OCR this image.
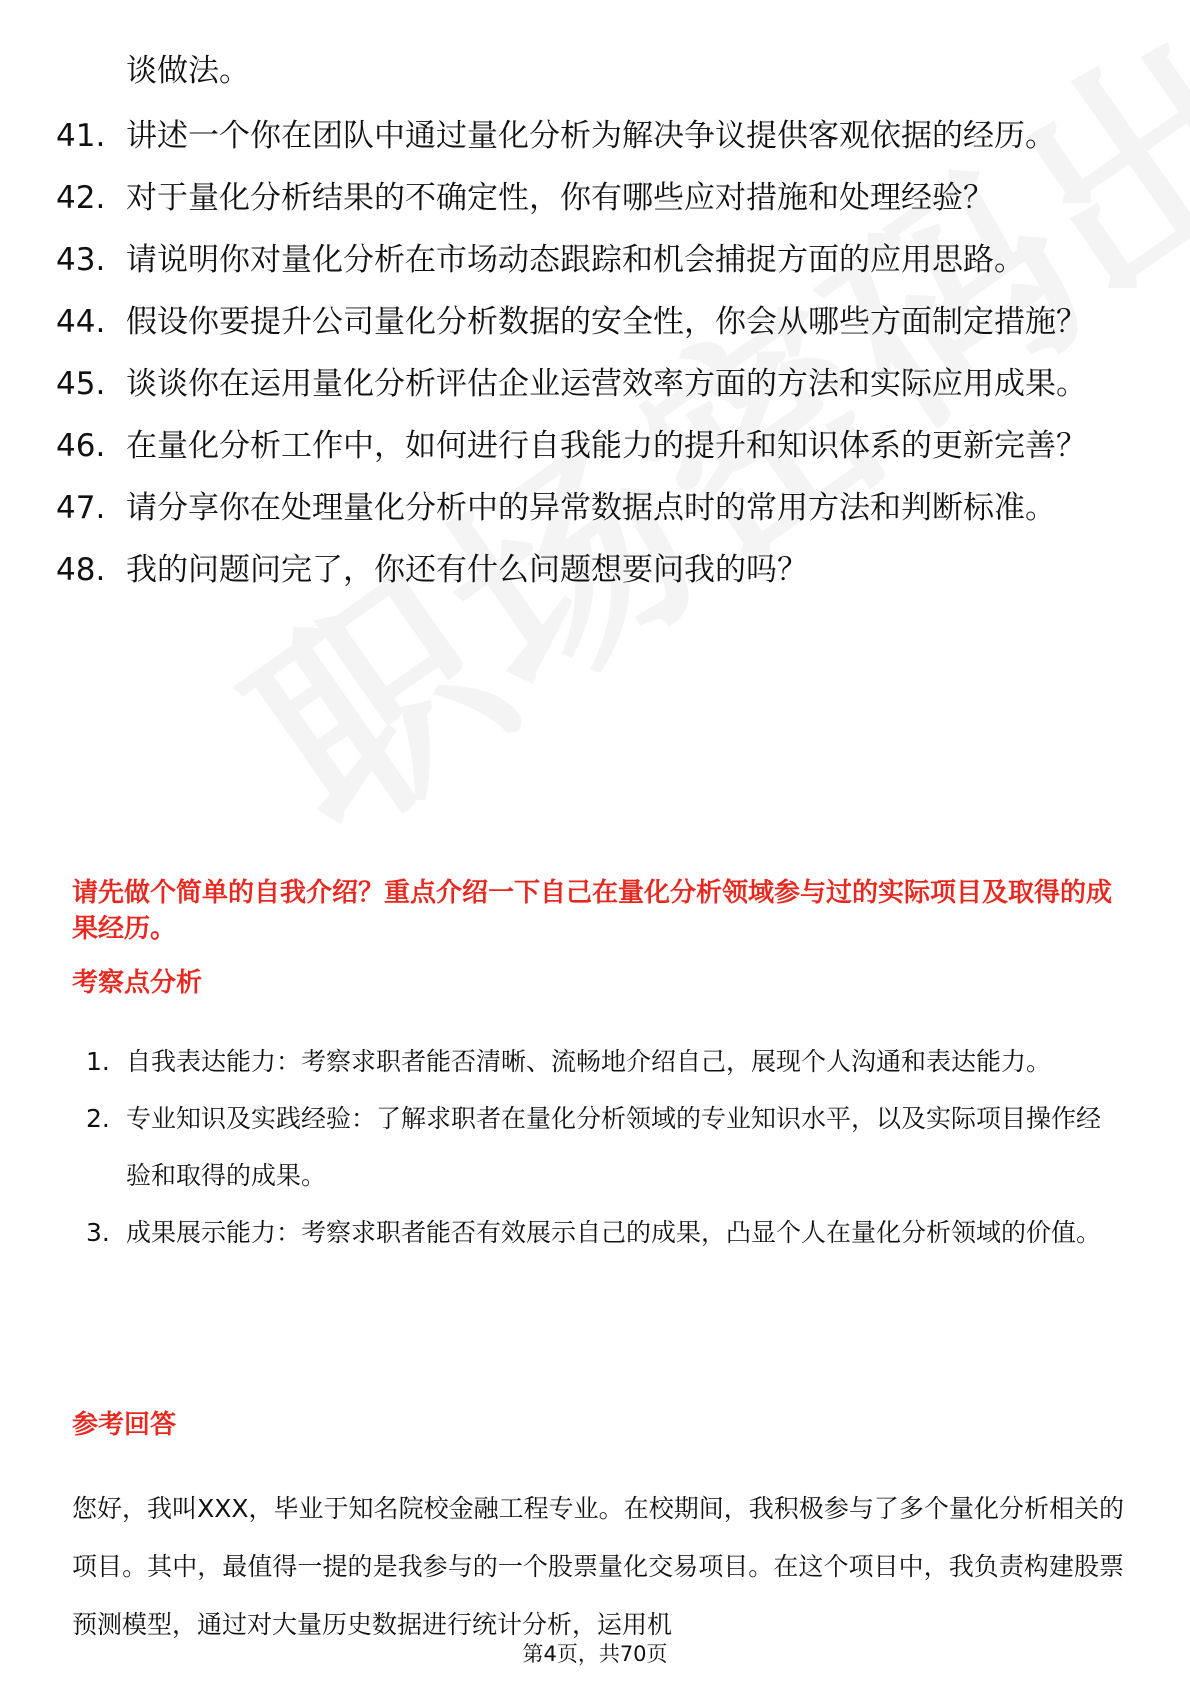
谈做法。
41. 讲述一个你在团队中通过量化分析为解决争议提供客观依据的经历。
42. 对于量化分析结果的不确定性，你有哪些应对措施和处理经验？
43. 请说明你对量化分析在市场动态跟踪和机会捕捉方面的应用思路。
44. 假设你要提升公司量化分析数据的安全性，你会从哪些方面制定措施？
45. 谈谈你在运用量化分析评估企业运营效率方面的方法和实际应用成果。
46. 在量化分析工作中，如何进行自我能力的提升和知识体系的更新完善？
47. 请分享你在处理量化分析中的异常数据点时的常用方法和判断标准。
48. 我的问题问完了，你还有什么问题想要问我的吗？
请先做个简单的自我介绍？重点介绍一下自己在量化分析领域参与过的实际项目及取得的成果经历。
考察点分析
1. 自我表达能力：考察求职者能否清晰、流畅地介绍自己，展现个人沟通和表达能力。
2. 专业知识及实践经验：了解求职者在量化分析领域的专业知识水平，以及实际项目操作经验和取得的成果。
3. 成果展示能力：考察求职者能否有效展示自己的成果，凸显个人在量化分析领域的价值。
参考回答
您好，我叫XXX，毕业于知名院校金融工程专业。在校期间，我积极参与了多个量化分析相关的项目。其中，最值得一提的是我参与的一个股票量化交易项目。在这个项目中，我负责构建股票预测模型，通过对大量历史数据进行统计分析，运用机
第4页，共70页
